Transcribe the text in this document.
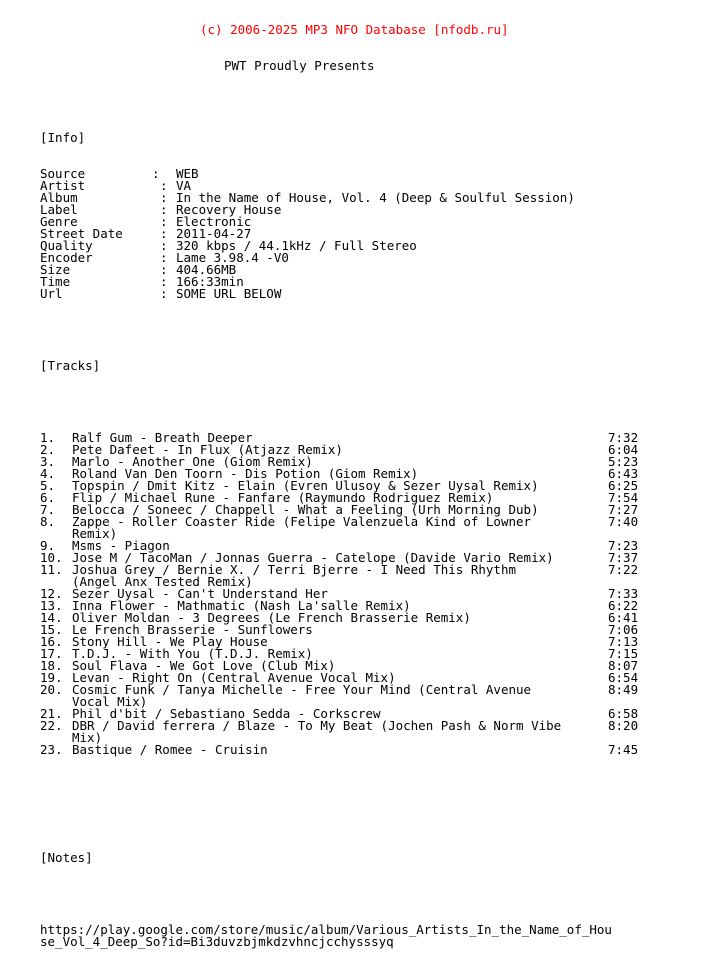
(c) 2006-2025 MP3 NFO Database [nfodb.ru]

PWT Proudly Presents

[Info]

Source	: WEB
Artist	: VA
Album	: In the Name of House, Vol. 4 (Deep & Soulful Session)
Label	: Recovery House
Genre	: Electronic
Street Date	: 2011-04-27
Quality	: 320 kbps / 44.1kHz / Full Stereo
Encoder	: Lame 3.98.4 -V0
Size	: 404.66MB
Time	: 166:33min
Url	: SOME URL BELOW

[Tracks]

1. Ralf Gum - Breath Deeper	7:32
2. Pete Dafeet - In Flux (Atjazz Remix)	6:04
3. Marlo - Another One (Giom Remix)	5:23
4. Roland Van Den Toorn - Dis Potion (Giom Remix)	6:43
5. Topspin / Dmit Kitz - Elain (Evren Ulusoy & Sezer Uysal Remix)	6:25
6. Flip / Michael Rune - Fanfare (Raymundo Rodriguez Remix)	7:54
7. Belocca / Soneec / Chappell - What a Feeling (Urh Morning Dub)	7:27
8. Zappe - Roller Coaster Ride (Felipe Valenzuela Kind of Lowner	7:40
Remix)
9. Msms - Piagon	7:23
10. Jose M / TacoMan / Jonnas Guerra - Catelope (Davide Vario Remix)	7:37
11. Joshua Grey / Bernie X. / Terri Bjerre - I Need This Rhythm	7:22
(Angel Anx Tested Remix)
12. Sezer Uysal - Can't Understand Her	7:33
13. Inna Flower - Mathmatic (Nash La'salle Remix)	6:22
14. Oliver Moldan - 3 Degrees (Le French Brasserie Remix)	6:41
15. Le French Brasserie - Sunflowers	7:06
16. Stony Hill - We Play House	7:13
17. T.D.J. - With You (T.D.J. Remix)	7:15
18. Soul Flava - We Got Love (Club Mix)	8:07
19. Levan - Right On (Central Avenue Vocal Mix)	6:54
20. Cosmic Funk / Tanya Michelle - Free Your Mind (Central Avenue	8:49
Vocal Mix)
21. Phil d'bit / Sebastiano Sedda - Corkscrew	6:58
22. DBR / David ferrera / Blaze - To My Beat (Jochen Pash & Norm Vibe	8:20
Mix)
23. Bastique / Romee - Cruisin	7:45

[Notes]

https://play.google.com/store/music/album/Various_Artists_In_the_Name_of_Hou
se_Vol_4_Deep_So?id=Bi3duvzbjmkdzvhncjcchysssyq
